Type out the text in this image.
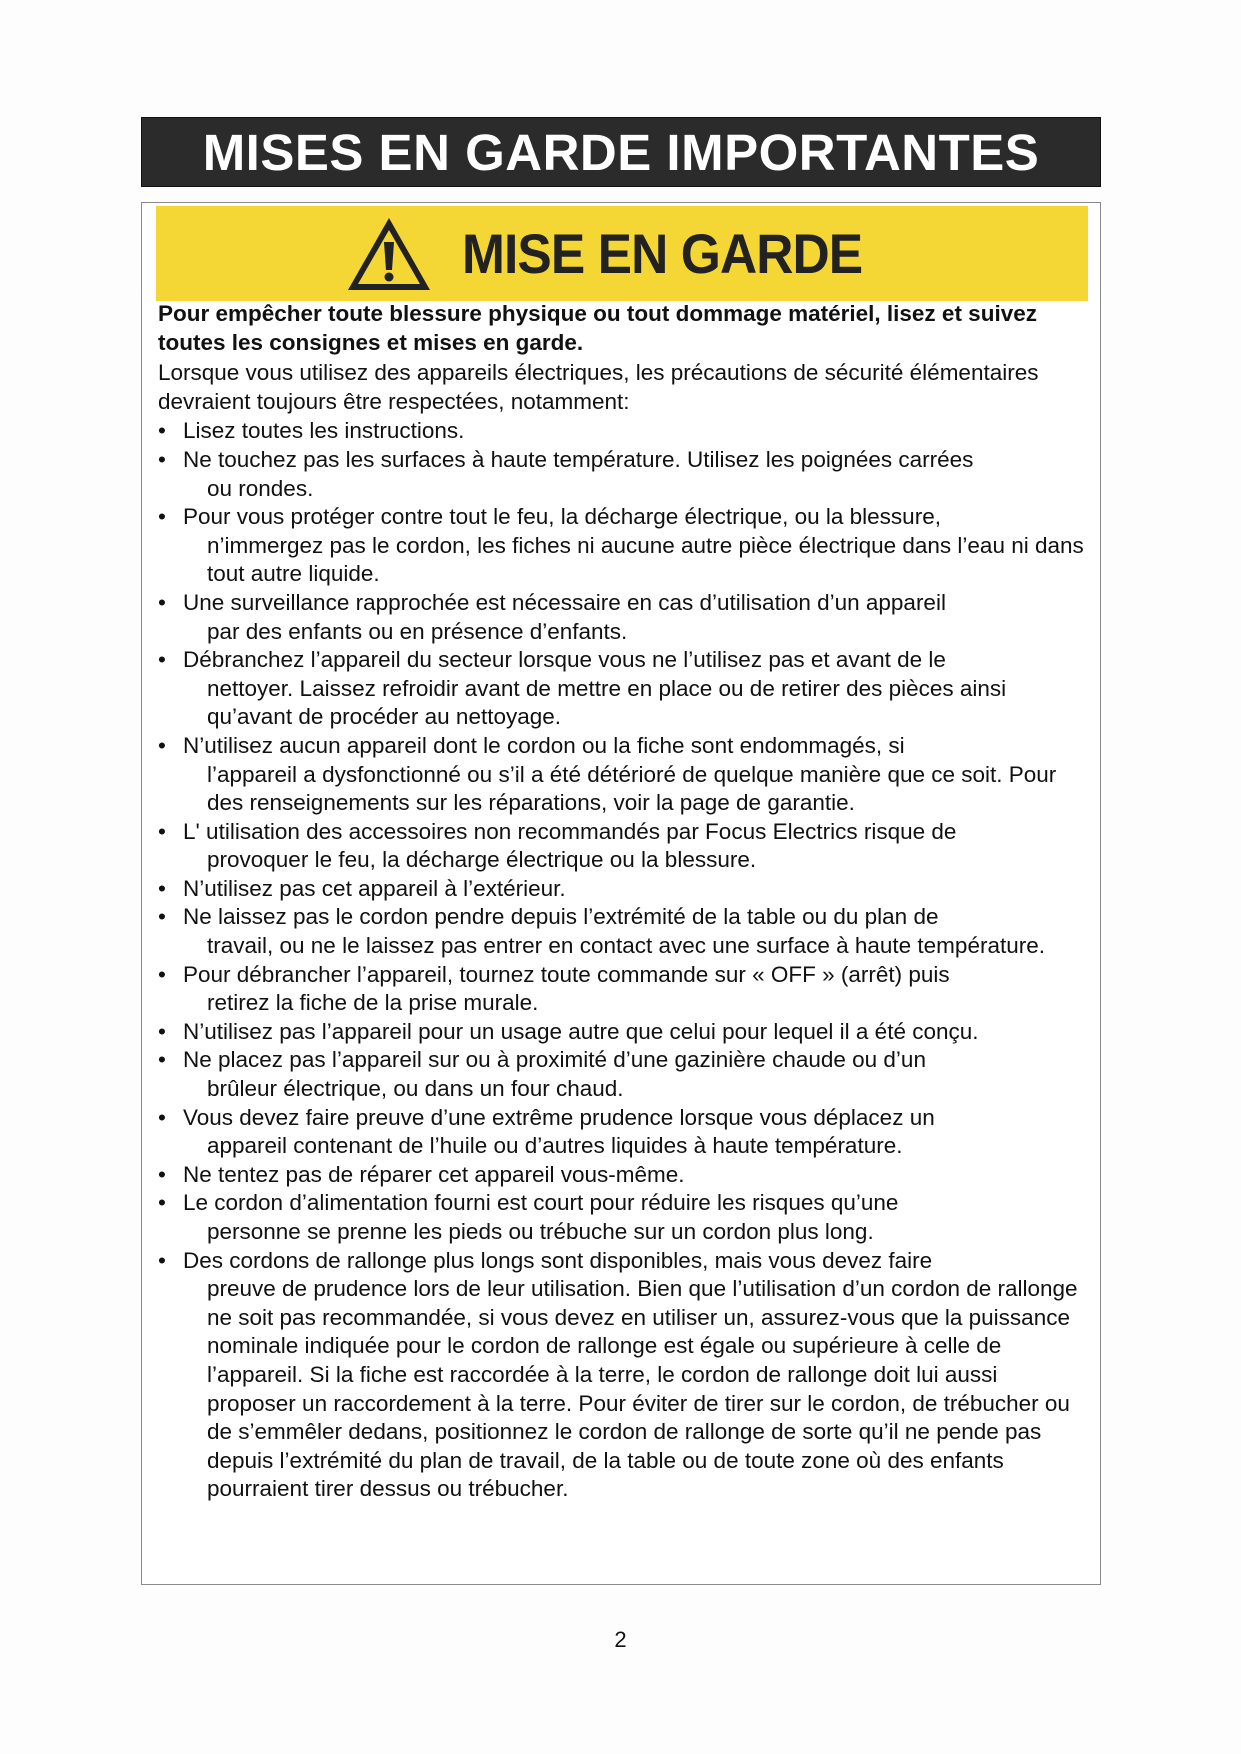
MISES EN GARDE IMPORTANTES
MISE EN GARDE

Pour empêcher toute blessure physique ou tout dommage matériel, lisez et suivez toutes les consignes et mises en garde.

Lorsque vous utilisez des appareils électriques, les précautions de sécurité élémentaires devraient toujours être respectées, notamment:

• Lisez toutes les instructions.
• Ne touchez pas les surfaces à haute température. Utilisez les poignées carrées
ou rondes.
• Pour vous protéger contre tout le feu, la décharge électrique, ou la blessure,
n’immergez pas le cordon, les fiches ni aucune autre pièce électrique dans l’eau ni dans tout autre liquide.
• Une surveillance rapprochée est nécessaire en cas d’utilisation d’un appareil
par des enfants ou en présence d’enfants.
• Débranchez l’appareil du secteur lorsque vous ne l’utilisez pas et avant de le
nettoyer. Laissez refroidir avant de mettre en place ou de retirer des pièces ainsi qu’avant de procéder au nettoyage.
• N’utilisez aucun appareil dont le cordon ou la fiche sont endommagés, si
l’appareil a dysfonctionné ou s’il a été détérioré de quelque manière que ce soit. Pour des renseignements sur les réparations, voir la page de garantie.
• L' utilisation des accessoires non recommandés par Focus Electrics risque de
provoquer le feu, la décharge électrique ou la blessure.
• N’utilisez pas cet appareil à l’extérieur.
• Ne laissez pas le cordon pendre depuis l’extrémité de la table ou du plan de
travail, ou ne le laissez pas entrer en contact avec une surface à haute température.
• Pour débrancher l’appareil, tournez toute commande sur « OFF » (arrêt) puis
retirez la fiche de la prise murale.
• N’utilisez pas l’appareil pour un usage autre que celui pour lequel il a été conçu.
• Ne placez pas l’appareil sur ou à proximité d’une gazinière chaude ou d’un
brûleur électrique, ou dans un four chaud.
• Vous devez faire preuve d’une extrême prudence lorsque vous déplacez un
appareil contenant de l’huile ou d’autres liquides à haute température.
• Ne tentez pas de réparer cet appareil vous-même.
• Le cordon d’alimentation fourni est court pour réduire les risques qu’une
personne se prenne les pieds ou trébuche sur un cordon plus long.
• Des cordons de rallonge plus longs sont disponibles, mais vous devez faire
preuve de prudence lors de leur utilisation. Bien que l’utilisation d’un cordon de rallonge ne soit pas recommandée, si vous devez en utiliser un, assurez-vous que la puissance nominale indiquée pour le cordon de rallonge est égale ou supérieure à celle de l’appareil. Si la fiche est raccordée à la terre, le cordon de rallonge doit lui aussi proposer un raccordement à la terre. Pour éviter de tirer sur le cordon, de trébucher ou de s’emmêler dedans, positionnez le cordon de rallonge de sorte qu’il ne pende pas depuis l’extrémité du plan de travail, de la table ou de toute zone où des enfants pourraient tirer dessus ou trébucher.
2
